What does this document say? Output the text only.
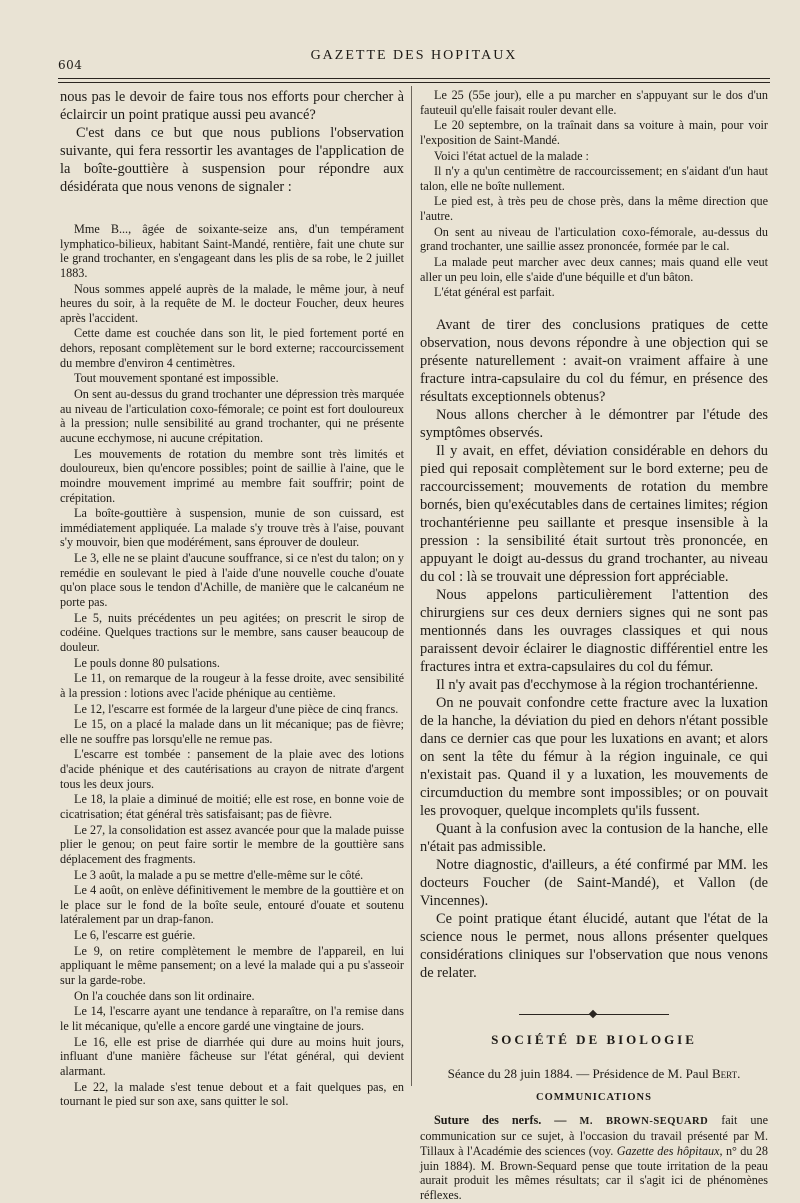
604
GAZETTE DES HOPITAUX

nous pas le devoir de faire tous nos efforts pour chercher à éclaircir un point pratique aussi peu avancé?

C'est dans ce but que nous publions l'observation suivante, qui fera ressortir les avantages de l'application de la boîte-gouttière à suspension pour répondre aux désidérata que nous venons de signaler :

Mme B..., âgée de soixante-seize ans, d'un tempérament lymphatico-bilieux, habitant Saint-Mandé, rentière, fait une chute sur le grand trochanter, en s'engageant dans les plis de sa robe, le 2 juillet 1883.

Nous sommes appelé auprès de la malade, le même jour, à neuf heures du soir, à la requête de M. le docteur Foucher, deux heures après l'accident.

Cette dame est couchée dans son lit, le pied fortement porté en dehors, reposant complètement sur le bord externe; raccourcissement du membre d'environ 4 centimètres.

Tout mouvement spontané est impossible.

On sent au-dessus du grand trochanter une dépression très marquée au niveau de l'articulation coxo-fémorale; ce point est fort douloureux à la pression; nulle sensibilité au grand trochanter, qui ne présente aucune ecchymose, ni aucune crépitation.

Les mouvements de rotation du membre sont très limités et douloureux, bien qu'encore possibles; point de saillie à l'aine, que le moindre mouvement imprimé au membre fait souffrir; point de crépitation.

La boîte-gouttière à suspension, munie de son cuissard, est immédiatement appliquée. La malade s'y trouve très à l'aise, pouvant s'y mouvoir, bien que modérément, sans éprouver de douleur.

Le 3, elle ne se plaint d'aucune souffrance, si ce n'est du talon; on y remédie en soulevant le pied à l'aide d'une nouvelle couche d'ouate qu'on place sous le tendon d'Achille, de manière que le calcanéum ne porte pas.

Le 5, nuits précédentes un peu agitées; on prescrit le sirop de codéine. Quelques tractions sur le membre, sans causer beaucoup de douleur.

Le pouls donne 80 pulsations.

Le 11, on remarque de la rougeur à la fesse droite, avec sensibilité à la pression : lotions avec l'acide phénique au centième.

Le 12, l'escarre est formée de la largeur d'une pièce de cinq francs.

Le 15, on a placé la malade dans un lit mécanique; pas de fièvre; elle ne souffre pas lorsqu'elle ne remue pas.

L'escarre est tombée : pansement de la plaie avec des lotions d'acide phénique et des cautérisations au crayon de nitrate d'argent tous les deux jours.

Le 18, la plaie a diminué de moitié; elle est rose, en bonne voie de cicatrisation; état général très satisfaisant; pas de fièvre.

Le 27, la consolidation est assez avancée pour que la malade puisse plier le genou; on peut faire sortir le membre de la gouttière sans déplacement des fragments.

Le 3 août, la malade a pu se mettre d'elle-même sur le côté.

Le 4 août, on enlève définitivement le membre de la gouttière et on le place sur le fond de la boîte seule, entouré d'ouate et soutenu latéralement par un drap-fanon.

Le 6, l'escarre est guérie.

Le 9, on retire complètement le membre de l'appareil, en lui appliquant le même pansement; on a levé la malade qui a pu s'asseoir sur la garde-robe.

On l'a couchée dans son lit ordinaire.

Le 14, l'escarre ayant une tendance à reparaître, on l'a remise dans le lit mécanique, qu'elle a encore gardé une vingtaine de jours.

Le 16, elle est prise de diarrhée qui dure au moins huit jours, influant d'une manière fâcheuse sur l'état général, qui devient alarmant.

Le 22, la malade s'est tenue debout et a fait quelques pas, en tournant le pied sur son axe, sans quitter le sol.

Le 25 (55e jour), elle a pu marcher en s'appuyant sur le dos d'un fauteuil qu'elle faisait rouler devant elle.

Le 20 septembre, on la traînait dans sa voiture à main, pour voir l'exposition de Saint-Mandé.

Voici l'état actuel de la malade :

Il n'y a qu'un centimètre de raccourcissement; en s'aidant d'un haut talon, elle ne boîte nullement.

Le pied est, à très peu de chose près, dans la même direction que l'autre.

On sent au niveau de l'articulation coxo-fémorale, au-dessus du grand trochanter, une saillie assez prononcée, formée par le cal.

La malade peut marcher avec deux cannes; mais quand elle veut aller un peu loin, elle s'aide d'une béquille et d'un bâton.

L'état général est parfait.

Avant de tirer des conclusions pratiques de cette observation, nous devons répondre à une objection qui se présente naturellement : avait-on vraiment affaire à une fracture intra-capsulaire du col du fémur, en présence des résultats exceptionnels obtenus?

Nous allons chercher à le démontrer par l'étude des symptômes observés.

Il y avait, en effet, déviation considérable en dehors du pied qui reposait complètement sur le bord externe; peu de raccourcissement; mouvements de rotation du membre bornés, bien qu'exécutables dans de certaines limites; région trochantérienne peu saillante et presque insensible à la pression : la sensibilité était surtout très prononcée, en appuyant le doigt au-dessus du grand trochanter, au niveau du col : là se trouvait une dépression fort appréciable.

Nous appelons particulièrement l'attention des chirurgiens sur ces deux derniers signes qui ne sont pas mentionnés dans les ouvrages classiques et qui nous paraissent devoir éclairer le diagnostic différentiel entre les fractures intra et extra-capsulaires du col du fémur.

Il n'y avait pas d'ecchymose à la région trochantérienne.

On ne pouvait confondre cette fracture avec la luxation de la hanche, la déviation du pied en dehors n'étant possible dans ce dernier cas que pour les luxations en avant; et alors on sent la tête du fémur à la région inguinale, ce qui n'existait pas. Quand il y a luxation, les mouvements de circumduction du membre sont impossibles; or on pouvait les provoquer, quelque incomplets qu'ils fussent.

Quant à la confusion avec la contusion de la hanche, elle n'était pas admissible.

Notre diagnostic, d'ailleurs, a été confirmé par MM. les docteurs Foucher (de Saint-Mandé), et Vallon (de Vincennes).

Ce point pratique étant élucidé, autant que l'état de la science nous le permet, nous allons présenter quelques considérations cliniques sur l'observation que nous venons de relater.

SOCIÉTÉ DE BIOLOGIE
Séance du 28 juin 1884. — Présidence de M. Paul Bert.
COMMUNICATIONS

Suture des nerfs. — M. BROWN-SEQUARD fait une communication sur ce sujet, à l'occasion du travail présenté par M. Tillaux à l'Académie des sciences (voy. Gazette des hôpitaux, n° du 28 juin 1884). M. Brown-Sequard pense que toute irritation de la peau aurait produit les mêmes résultats; car il s'agit ici de phénomènes réflexes.
